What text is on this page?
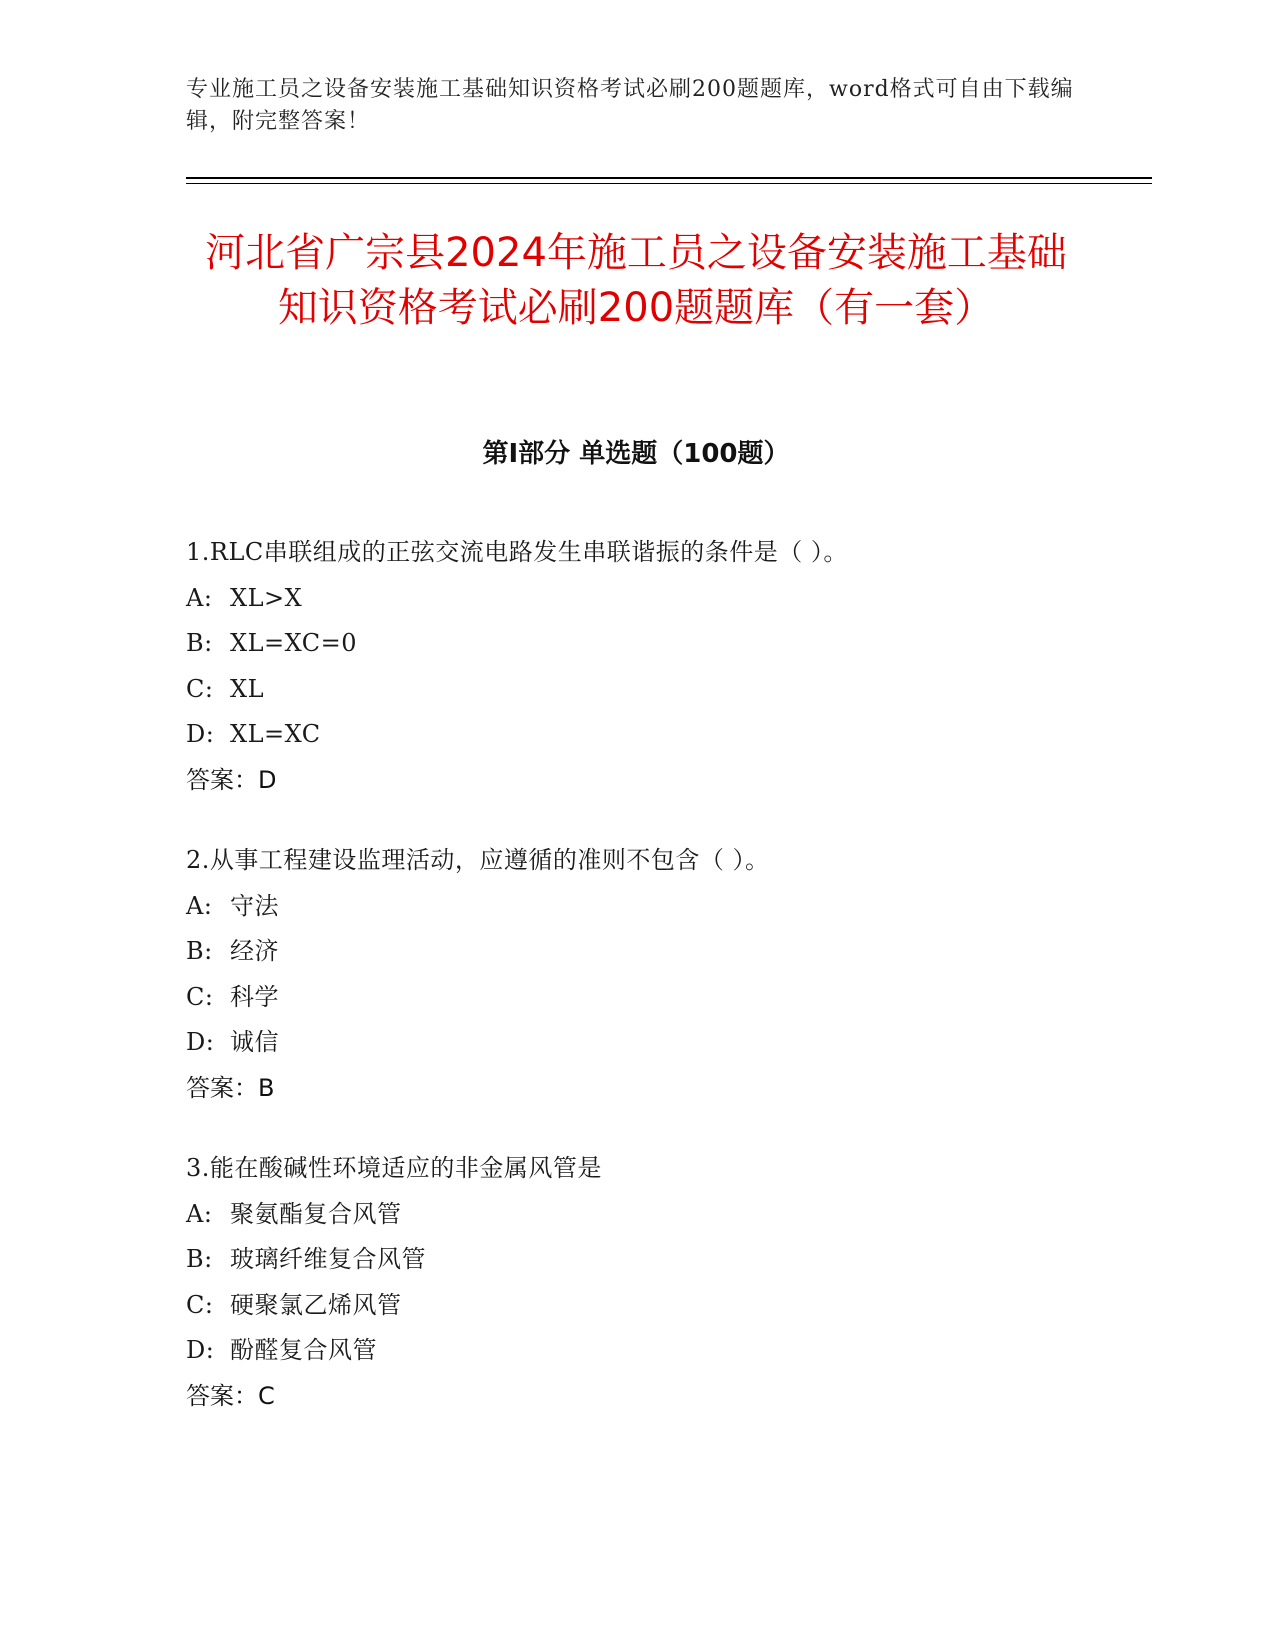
专业施工员之设备安装施工基础知识资格考试必刷200题题库，word格式可自由下载编辑，附完整答案！
河北省广宗县2024年施工员之设备安装施工基础知识资格考试必刷200题题库（有一套）
第I部分 单选题（100题）
1.RLC串联组成的正弦交流电路发生串联谐振的条件是（ ）。
A: XL>X
B: XL=XC=0
C: XL
D: XL=XC
答案：D
2.从事工程建设监理活动，应遵循的准则不包含（ ）。
A: 守法
B: 经济
C: 科学
D: 诚信
答案：B
3.能在酸碱性环境适应的非金属风管是
A: 聚氨酯复合风管
B: 玻璃纤维复合风管
C: 硬聚氯乙烯风管
D: 酚醛复合风管
答案：C
